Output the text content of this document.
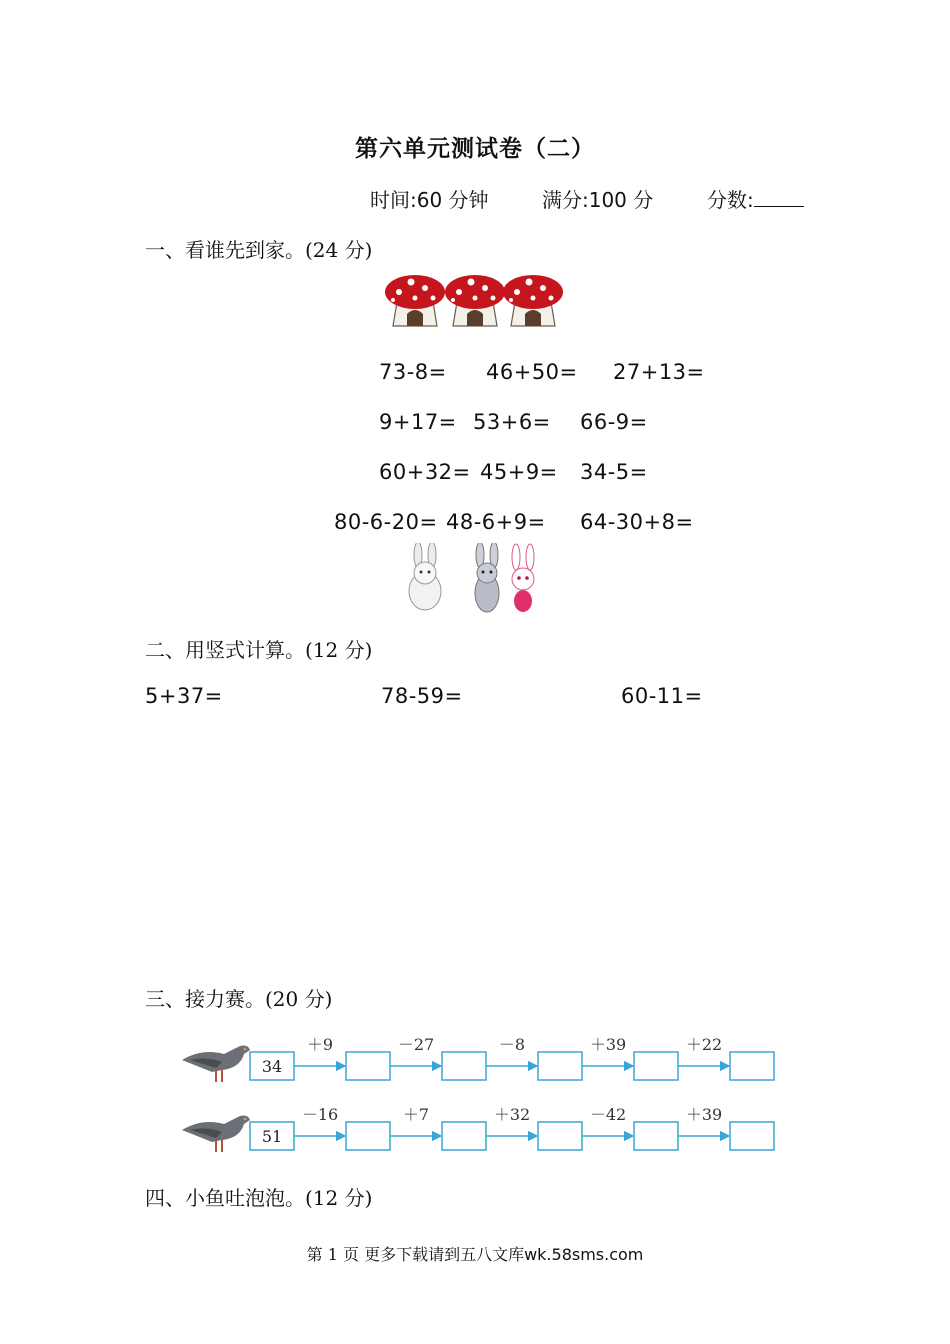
第六单元测试卷（二）
时间:60 分钟	满分:100 分	分数:
一、看谁先到家。(24 分)
73-8= 46+50= 27+13=
9+17= 53+6= 66-9=
60+32= 45+9= 34-5=
80-6-20= 48-6+9= 64-30+8=
二、用竖式计算。(12 分)
5+37=	78-59=	60-11=
三、接力赛。(20 分)
34
＋9	－27	－8	＋39	＋22
51
－16	＋7	＋32	－42	＋39
四、小鱼吐泡泡。(12 分)
第 1 页 更多下载请到五八文库wk.58sms.com
